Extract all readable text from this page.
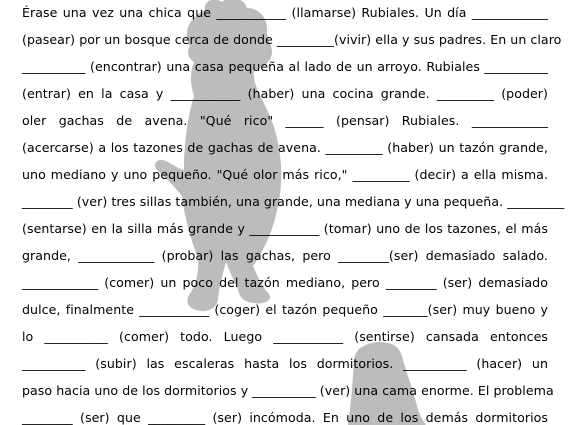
Érase una vez una chica que ___________ (llamarse) Rubiales. Un día ____________
(pasear) por un bosque cerca de donde _________(vivir) ella y sus padres. En un claro
__________ (encontrar) una casa pequeña al lado de un arroyo. Rubiales __________
(entrar) en la casa y ___________ (haber) una cocina grande. _________ (poder)
oler gachas de avena. "Qué rico" ______ (pensar) Rubiales. ____________
(acercarse) a los tazones de gachas de avena. _________ (haber) un tazón grande,
uno mediano y uno pequeño. "Qué olor más rico," _________ (decir) a ella misma.
________ (ver) tres sillas también, una grande, una mediana y una pequeña. _________
(sentarse) en la silla más grande y ___________ (tomar) uno de los tazones, el más
grande, ____________ (probar) las gachas, pero ________(ser) demasiado salado.
____________ (comer) un poco del tazón mediano, pero ________ (ser) demasiado
dulce, finalmente ___________ (coger) el tazón pequeño _______(ser) muy bueno y
lo __________ (comer) todo. Luego ___________ (sentirse) cansada entonces
__________ (subir) las escaleras hasta los dormitorios. __________ (hacer) un
paso hacia uno de los dormitorios y __________ (ver) una cama enorme. El problema
________ (ser) que _________ (ser) incómoda. En uno de los demás dormitorios
